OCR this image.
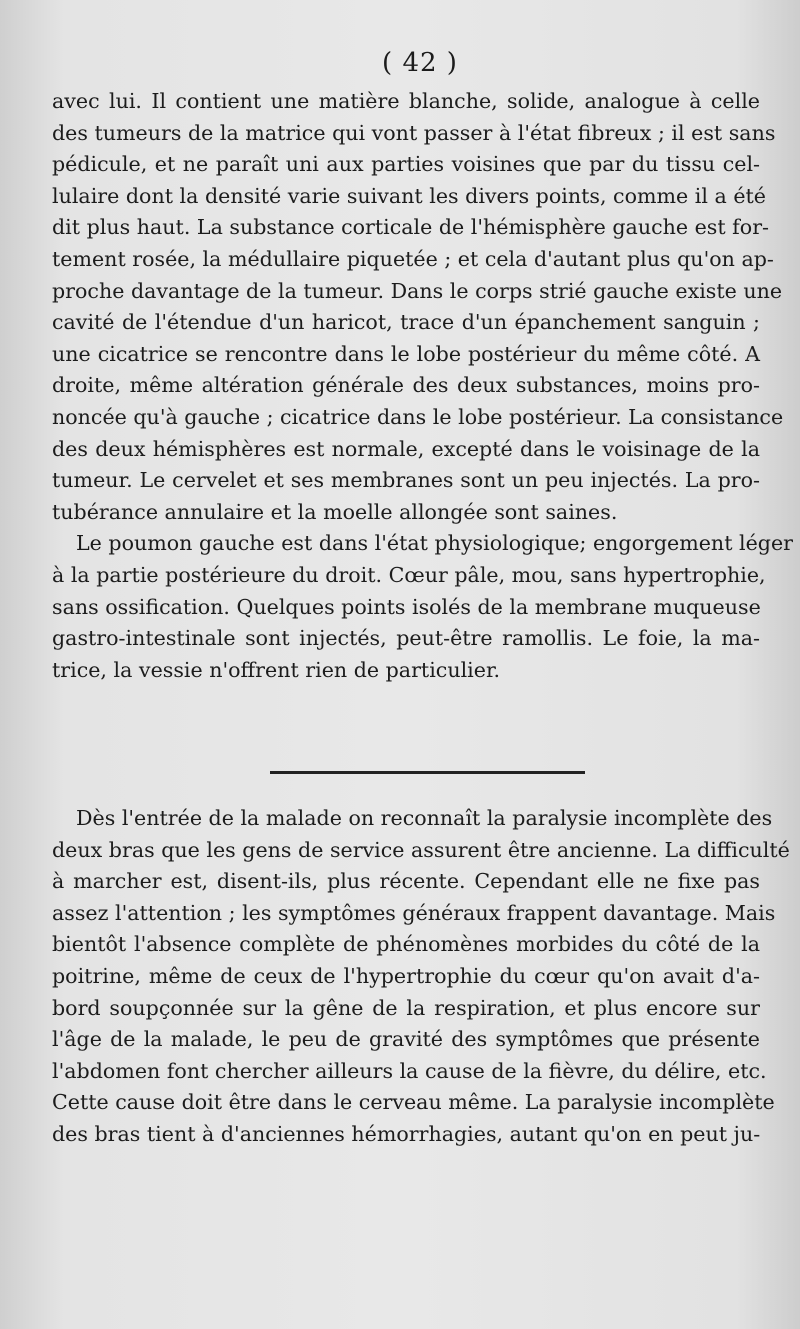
( 42 )
avec lui. Il contient une matière blanche, solide, analogue à celle
des tumeurs de la matrice qui vont passer à l'état fibreux ; il est sans
pédicule, et ne paraît uni aux parties voisines que par du tissu cel-
lulaire dont la densité varie suivant les divers points, comme il a été
dit plus haut. La substance corticale de l'hémisphère gauche est for-
tement rosée, la médullaire piquetée ; et cela d'autant plus qu'on ap-
proche davantage de la tumeur. Dans le corps strié gauche existe une
cavité de l'étendue d'un haricot, trace d'un épanchement sanguin ;
une cicatrice se rencontre dans le lobe postérieur du même côté. A
droite, même altération générale des deux substances, moins pro-
noncée qu'à gauche ; cicatrice dans le lobe postérieur. La consistance
des deux hémisphères est normale, excepté dans le voisinage de la
tumeur. Le cervelet et ses membranes sont un peu injectés. La pro-
tubérance annulaire et la moelle allongée sont saines.
Le poumon gauche est dans l'état physiologique; engorgement léger
à la partie postérieure du droit. Cœur pâle, mou, sans hypertrophie,
sans ossification. Quelques points isolés de la membrane muqueuse
gastro-intestinale sont injectés, peut-être ramollis. Le foie, la ma-
trice, la vessie n'offrent rien de particulier.
Dès l'entrée de la malade on reconnaît la paralysie incomplète des
deux bras que les gens de service assurent être ancienne. La difficulté
à marcher est, disent-ils, plus récente. Cependant elle ne fixe pas
assez l'attention ; les symptômes généraux frappent davantage. Mais
bientôt l'absence complète de phénomènes morbides du côté de la
poitrine, même de ceux de l'hypertrophie du cœur qu'on avait d'a-
bord soupçonnée sur la gêne de la respiration, et plus encore sur
l'âge de la malade, le peu de gravité des symptômes que présente
l'abdomen font chercher ailleurs la cause de la fièvre, du délire, etc.
Cette cause doit être dans le cerveau même. La paralysie incomplète
des bras tient à d'anciennes hémorrhagies, autant qu'on en peut ju-
